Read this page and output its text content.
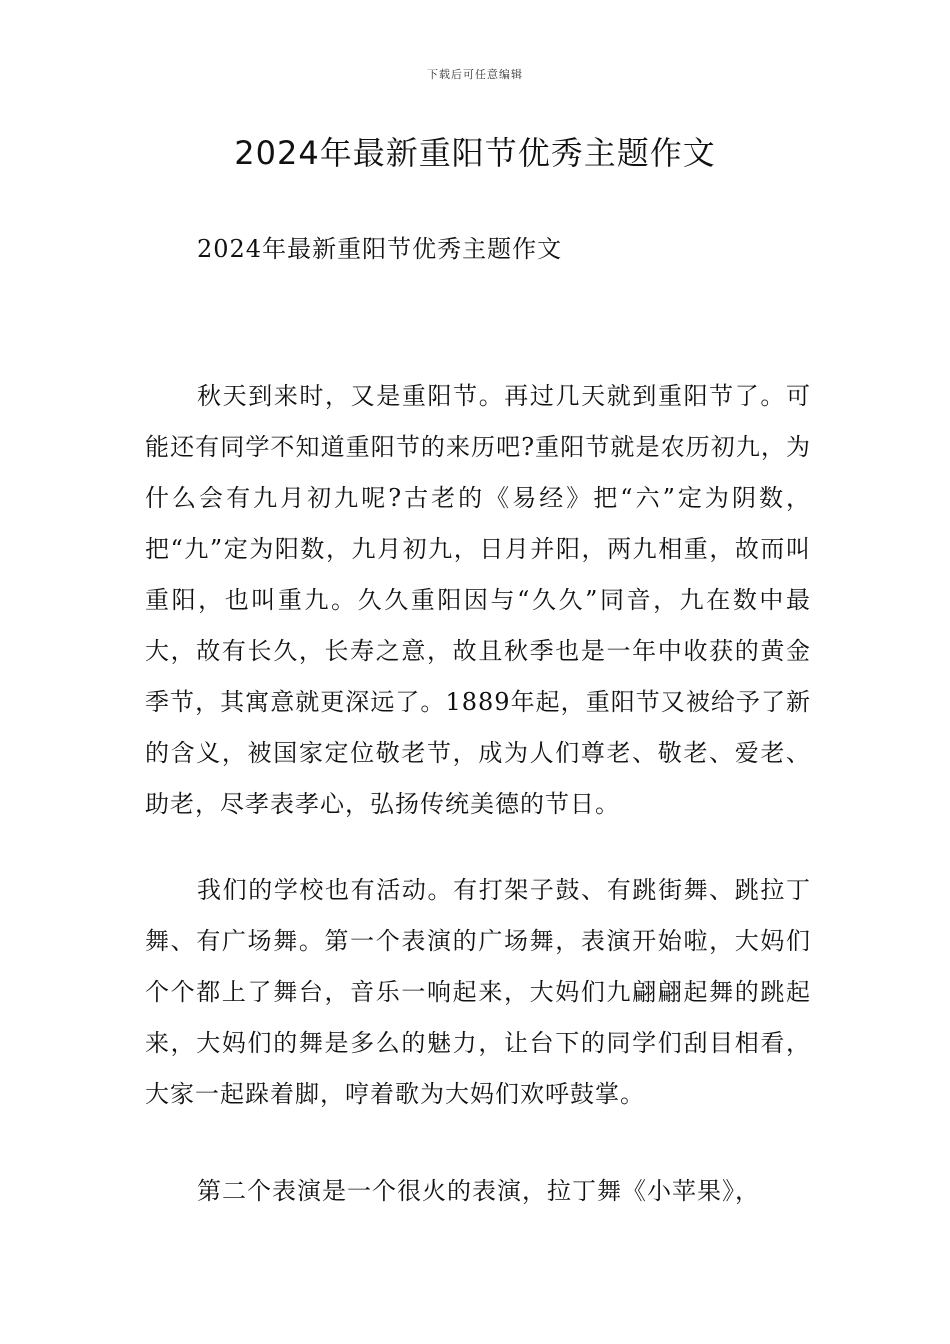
下载后可任意编辑
2024年最新重阳节优秀主题作文

2024年最新重阳节优秀主题作文

秋天到来时，又是重阳节。再过几天就到重阳节了。可能还有同学不知道重阳节的来历吧?重阳节就是农历初九，为什么会有九月初九呢?古老的《易经》把“六”定为阴数，把“九”定为阳数，九月初九，日月并阳，两九相重，故而叫重阳，也叫重九。久久重阳因与“久久”同音，九在数中最大，故有长久，长寿之意，故且秋季也是一年中收获的黄金季节，其寓意就更深远了。1889年起，重阳节又被给予了新的含义，被国家定位敬老节，成为人们尊老、敬老、爱老、助老，尽孝表孝心，弘扬传统美德的节日。

我们的学校也有活动。有打架子鼓、有跳街舞、跳拉丁舞、有广场舞。第一个表演的广场舞，表演开始啦，大妈们个个都上了舞台，音乐一响起来，大妈们九翩翩起舞的跳起来，大妈们的舞是多么的魅力，让台下的同学们刮目相看，大家一起跺着脚，哼着歌为大妈们欢呼鼓掌。

第二个表演是一个很火的表演，拉丁舞《小苹果》，
